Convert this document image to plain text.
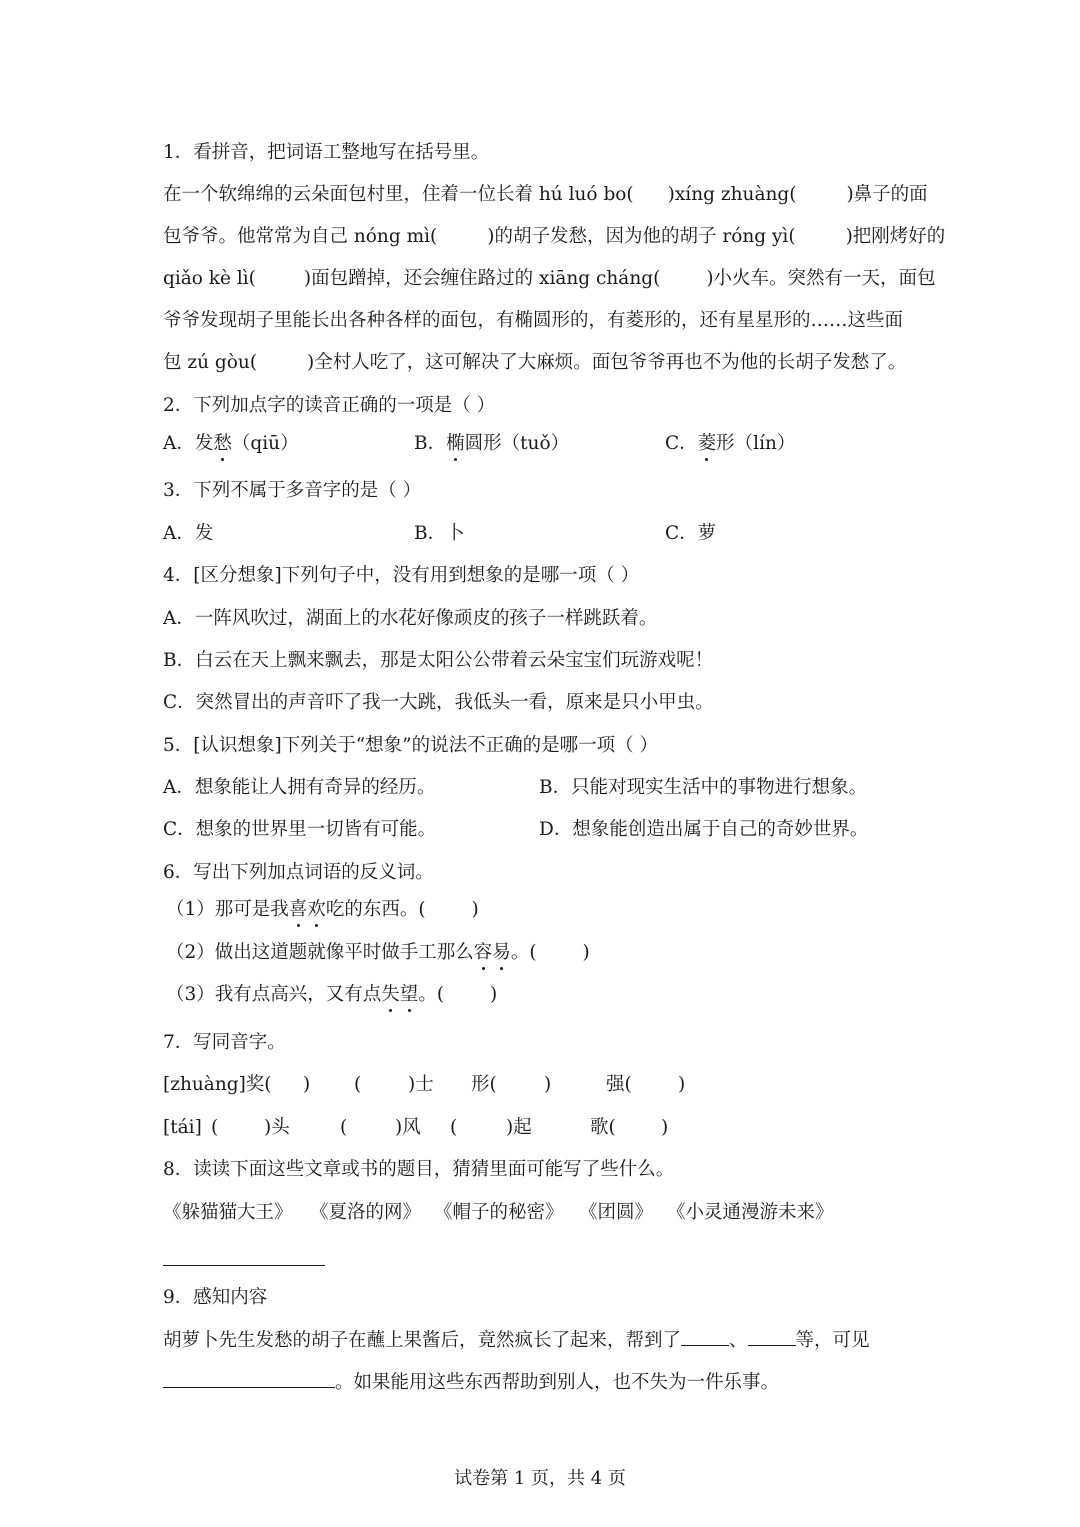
1．看拼音，把词语工整地写在括号里。
在一个软绵绵的云朵面包村里，住着一位长着 hú luó bo( )xíng zhuàng(	)鼻子的面
包爷爷。他常常为自己 nóng mì(	)的胡子发愁，因为他的胡子 róng yì(	)把刚烤好的
qiǎo kè lì(	)面包蹭掉，还会缠住路过的 xiāng cháng( )小火车。突然有一天，面包
爷爷发现胡子里能长出各种各样的面包，有椭圆形的，有菱形的，还有星星形的……这些面
包 zú gòu(	)全村人吃了，这可解决了大麻烦。面包爷爷再也不为他的长胡子发愁了。
2．下列加点字的读音正确的一项是（ ）
A．发愁（qiū）	B．椭圆形（tuǒ）	C．菱形（lín）
3．下列不属于多音字的是（ ）
A．发	B．卜	C．萝
4．[区分想象]下列句子中，没有用到想象的是哪一项（ ）
A．一阵风吹过，湖面上的水花好像顽皮的孩子一样跳跃着。
B．白云在天上飘来飘去，那是太阳公公带着云朵宝宝们玩游戏呢！
C．突然冒出的声音吓了我一大跳，我低头一看，原来是只小甲虫。
5．[认识想象]下列关于“想象”的说法不正确的是哪一项（ ）
A．想象能让人拥有奇异的经历。	B．只能对现实生活中的事物进行想象。
C．想象的世界里一切皆有可能。	D．想象能创造出属于自己的奇妙世界。
6．写出下列加点词语的反义词。
（1）那可是我喜欢吃的东西。( )
（2）做出这道题就像平时做手工那么容易。( )
（3）我有点高兴，又有点失望。( )
7．写同音字。
[zhuàng]奖( ) (	)士 形(	)	强(	)
[tái] ( )头	(	)风 (	)起	歌( )
8．读读下面这些文章或书的题目，猜猜里面可能写了些什么。
《躲猫猫大王》 《夏洛的网》 《帽子的秘密》 《团圆》 《小灵通漫游未来》
9．感知内容
胡萝卜先生发愁的胡子在蘸上果酱后，竟然疯长了起来，帮到了	、	等，可见
。如果能用这些东西帮助到别人，也不失为一件乐事。
试卷第 1 页，共 4 页
